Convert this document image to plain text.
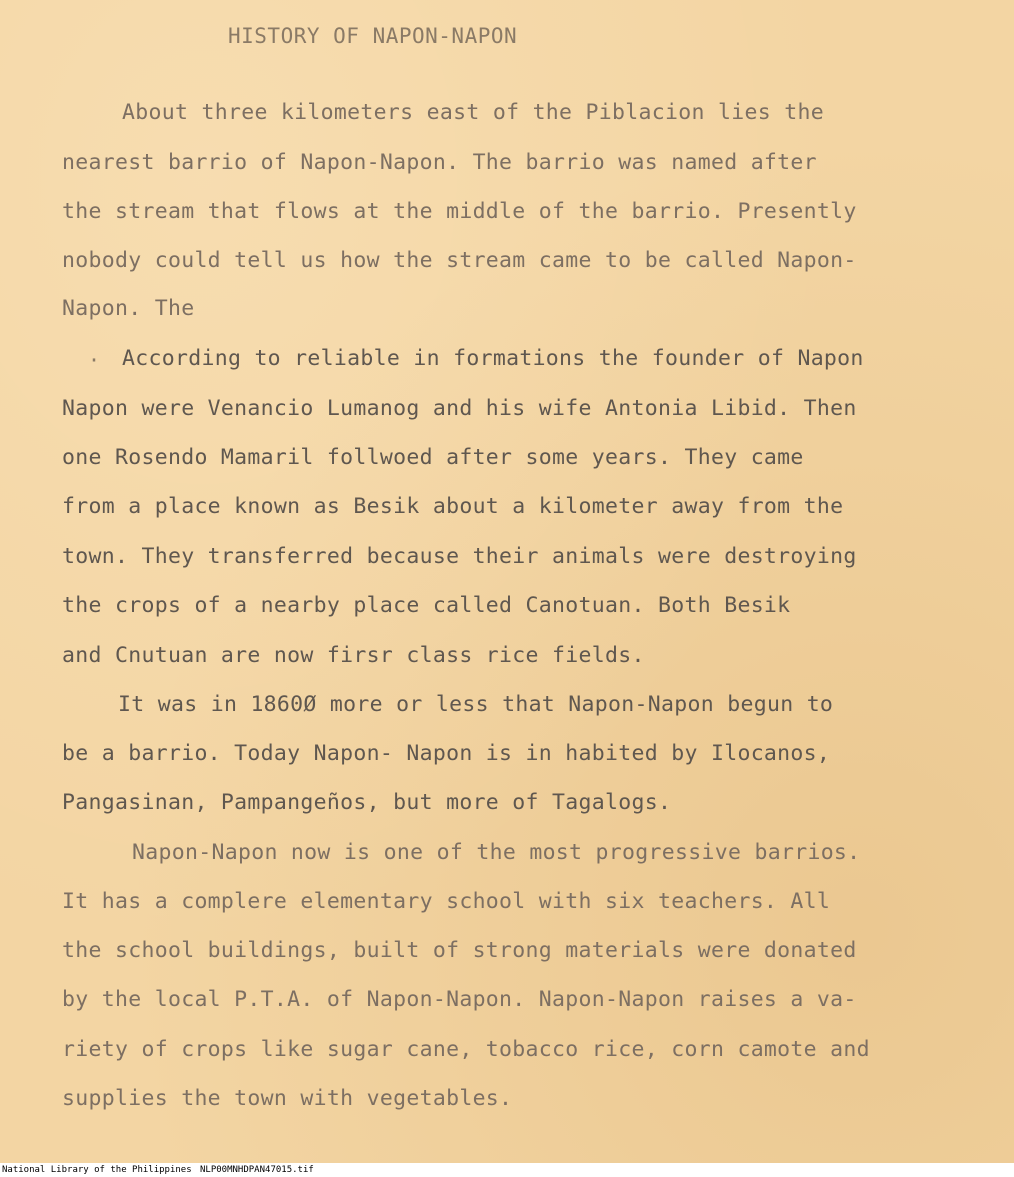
HISTORY OF NAPON-NAPON
About three kilometers east of the Piblacion lies the
nearest barrio of Napon-Napon. The barrio was named after
the stream that flows at the middle of the barrio. Presently
nobody could tell us how the stream came to be called Napon-
Napon. The
· According to reliable in formations the founder of Napon
Napon were Venancio Lumanog and his wife Antonia Libid. Then
one Rosendo Mamaril follwoed after some years. They came
from a place known as Besik about a kilometer away from the
town. They transferred because their animals were destroying
the crops of a nearby place called Canotuan. Both Besik
and Cnutuan are now firsr class rice fields.
It was in 1860Ø more or less that Napon-Napon begun to
be a barrio. Today Napon- Napon is in habited by Ilocanos,
Pangasinan, Pampangeños, but more of Tagalogs.
Napon-Napon now is one of the most progressive barrios.
It has a complere elementary school with six teachers. All
the school buildings, built of strong materials were donated
by the local P.T.A. of Napon-Napon. Napon-Napon raises a va-
riety of crops like sugar cane, tobacco rice, corn camote and
supplies the town with vegetables.
National Library of the Philippines NLP00MNHDPAN47015.tif
